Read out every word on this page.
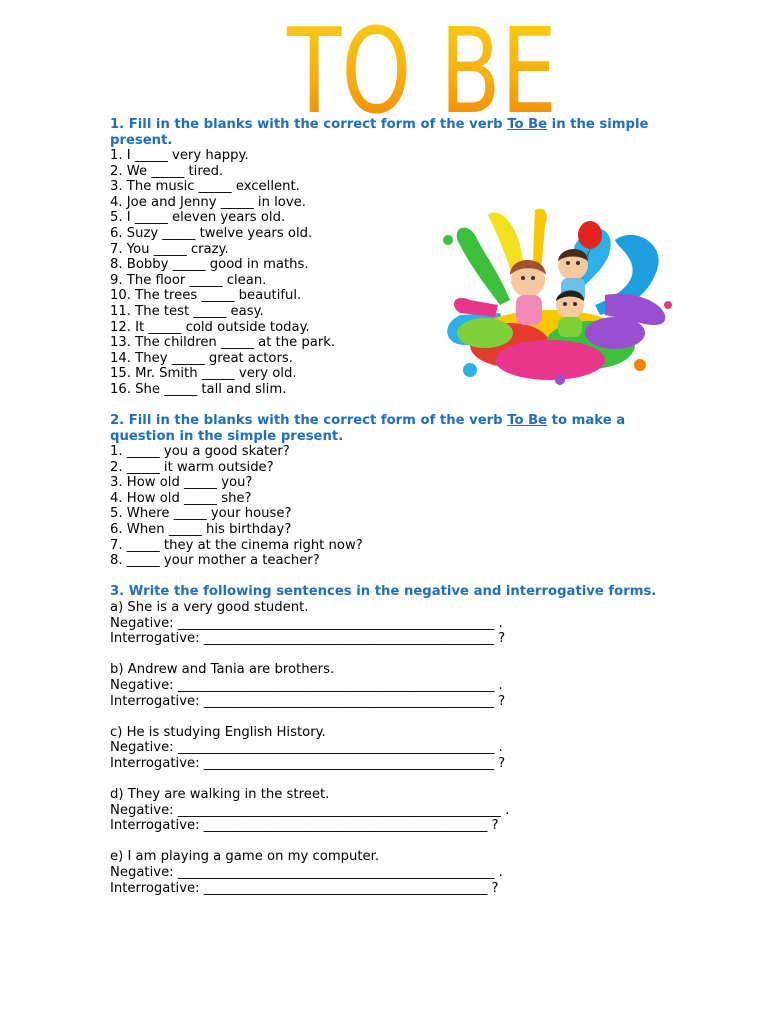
TO BE

1. Fill in the blanks with the correct form of the verb To Be in the simple present.

1. I _____ very happy.

2. We _____ tired.

3. The music _____ excellent.

4. Joe and Jenny _____ in love.

5. I _____ eleven years old.

6. Suzy _____ twelve years old.

7. You _____ crazy.

8. Bobby _____ good in maths.

9. The floor _____ clean.

10. The trees _____ beautiful.

11. The test _____ easy.

12. It _____ cold outside today.

13. The children _____ at the park.

14. They _____ great actors.

15. Mr. Smith _____ very old.

16. She _____ tall and slim.

2. Fill in the blanks with the correct form of the verb To Be to make a question in the simple present.

1. _____ you a good skater?

2. _____ it warm outside?

3. How old _____ you?

4. How old _____ she?

5. Where _____ your house?

6. When _____ his birthday?

7. _____ they at the cinema right now?

8. _____ your mother a teacher?

3. Write the following sentences in the negative and interrogative forms.

a) She is a very good student.

Negative: ________________________________________________ .

Interrogative: ____________________________________________ ?

b) Andrew and Tania are brothers.

Negative: ________________________________________________ .

Interrogative: ____________________________________________ ?

c) He is studying English History.

Negative: ________________________________________________ .

Interrogative: ____________________________________________ ?

d) They are walking in the street.

Negative: _________________________________________________ .

Interrogative: ___________________________________________ ?

e) I am playing a game on my computer.

Negative: ________________________________________________ .

Interrogative: ___________________________________________ ?
